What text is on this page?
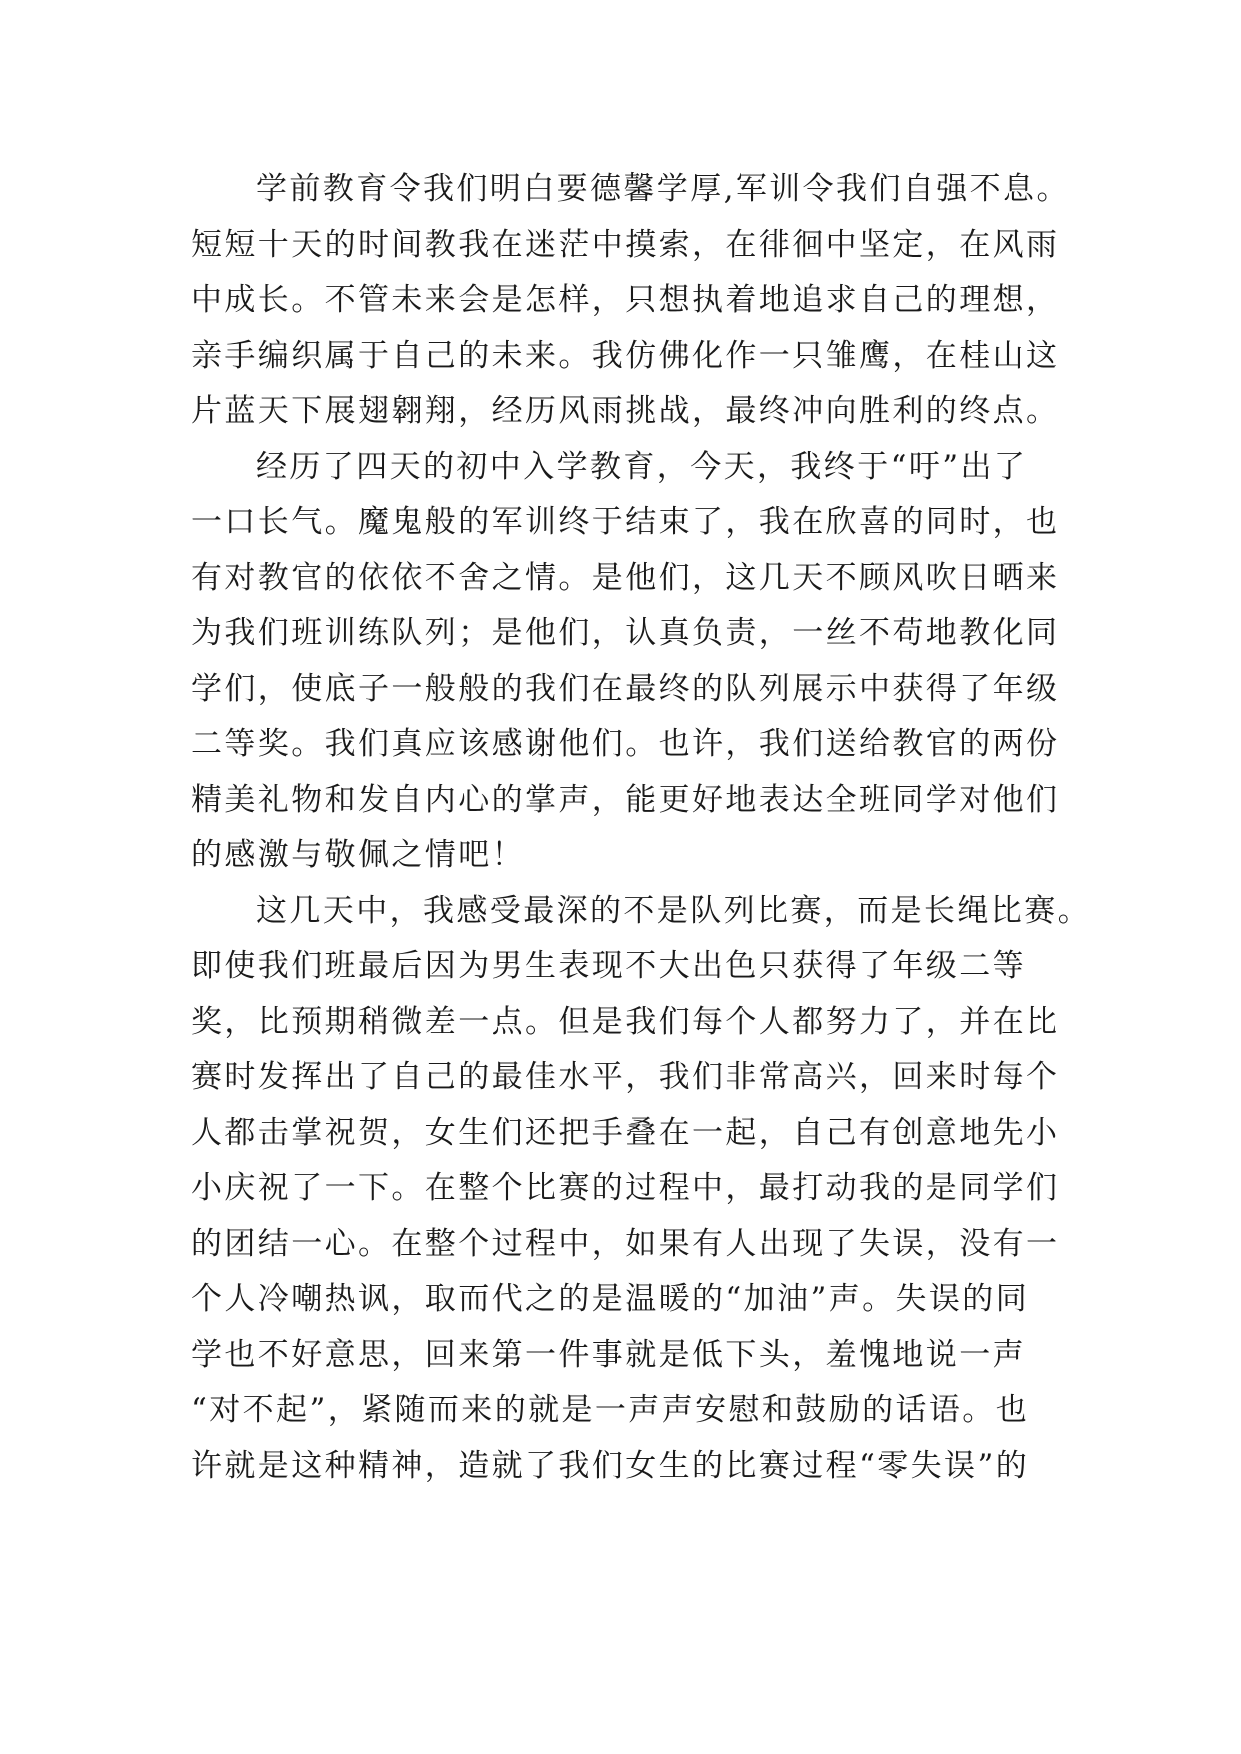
学前教育令我们明白要德馨学厚,军训令我们自强不息。
短短十天的时间教我在迷茫中摸索，在徘徊中坚定，在风雨
中成长。不管未来会是怎样，只想执着地追求自己的理想，
亲手编织属于自己的未来。我仿佛化作一只雏鹰，在桂山这
片蓝天下展翅翱翔，经历风雨挑战，最终冲向胜利的终点。
经历了四天的初中入学教育，今天，我终于“吁”出了
一口长气。魔鬼般的军训终于结束了，我在欣喜的同时，也
有对教官的依依不舍之情。是他们，这几天不顾风吹日晒来
为我们班训练队列；是他们，认真负责，一丝不苟地教化同
学们，使底子一般般的我们在最终的队列展示中获得了年级
二等奖。我们真应该感谢他们。也许，我们送给教官的两份
精美礼物和发自内心的掌声，能更好地表达全班同学对他们
的感激与敬佩之情吧！
这几天中，我感受最深的不是队列比赛，而是长绳比赛。
即使我们班最后因为男生表现不大出色只获得了年级二等
奖，比预期稍微差一点。但是我们每个人都努力了，并在比
赛时发挥出了自己的最佳水平，我们非常高兴，回来时每个
人都击掌祝贺，女生们还把手叠在一起，自己有创意地先小
小庆祝了一下。在整个比赛的过程中，最打动我的是同学们
的团结一心。在整个过程中，如果有人出现了失误，没有一
个人冷嘲热讽，取而代之的是温暖的“加油”声。失误的同
学也不好意思，回来第一件事就是低下头，羞愧地说一声
“对不起”，紧随而来的就是一声声安慰和鼓励的话语。也
许就是这种精神，造就了我们女生的比赛过程“零失误”的
